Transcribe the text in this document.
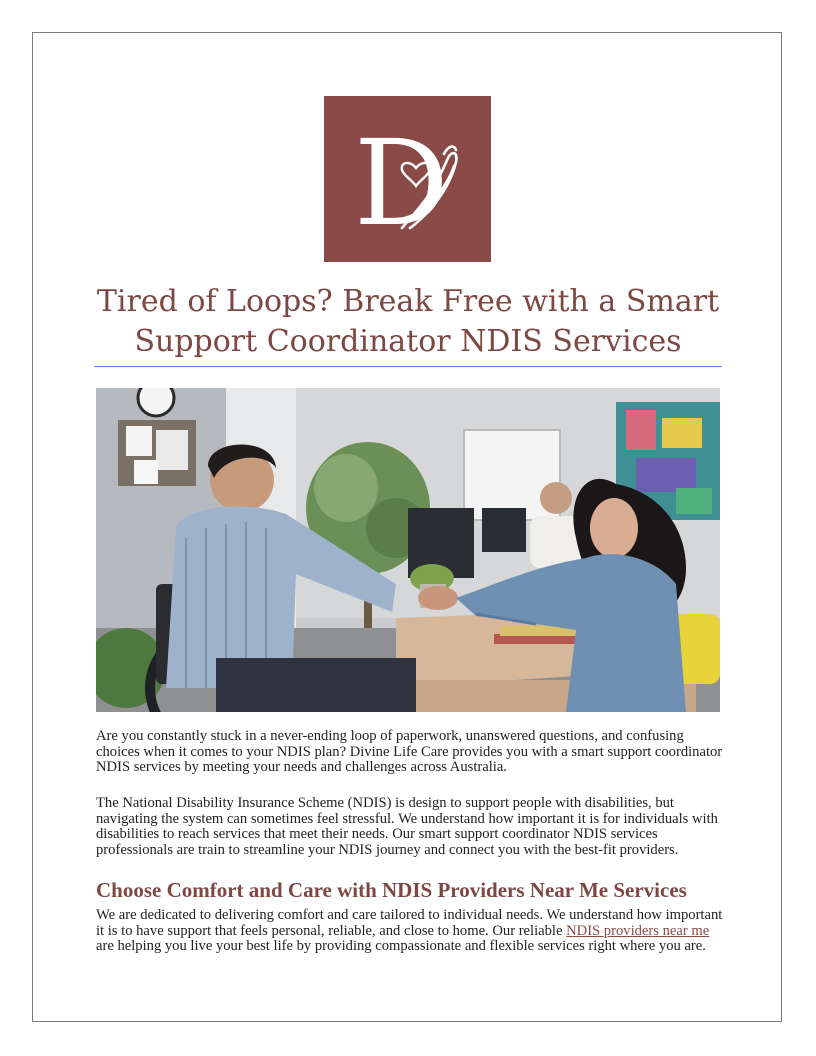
D
Tired of Loops? Break Free with a Smart
Support Coordinator NDIS Services

Are you constantly stuck in a never-ending loop of paperwork, unanswered questions, and confusing choices when it comes to your NDIS plan? Divine Life Care provides you with a smart support coordinator NDIS services by meeting your needs and challenges across Australia.

The National Disability Insurance Scheme (NDIS) is design to support people with disabilities, but navigating the system can sometimes feel stressful. We understand how important it is for individuals with disabilities to reach services that meet their needs. Our smart support coordinator NDIS services professionals are train to streamline your NDIS journey and connect you with the best-fit providers.

Choose Comfort and Care with NDIS Providers Near Me Services

We are dedicated to delivering comfort and care tailored to individual needs. We understand how important it is to have support that feels personal, reliable, and close to home. Our reliable NDIS providers near me are helping you live your best life by providing compassionate and flexible services right where you are.
